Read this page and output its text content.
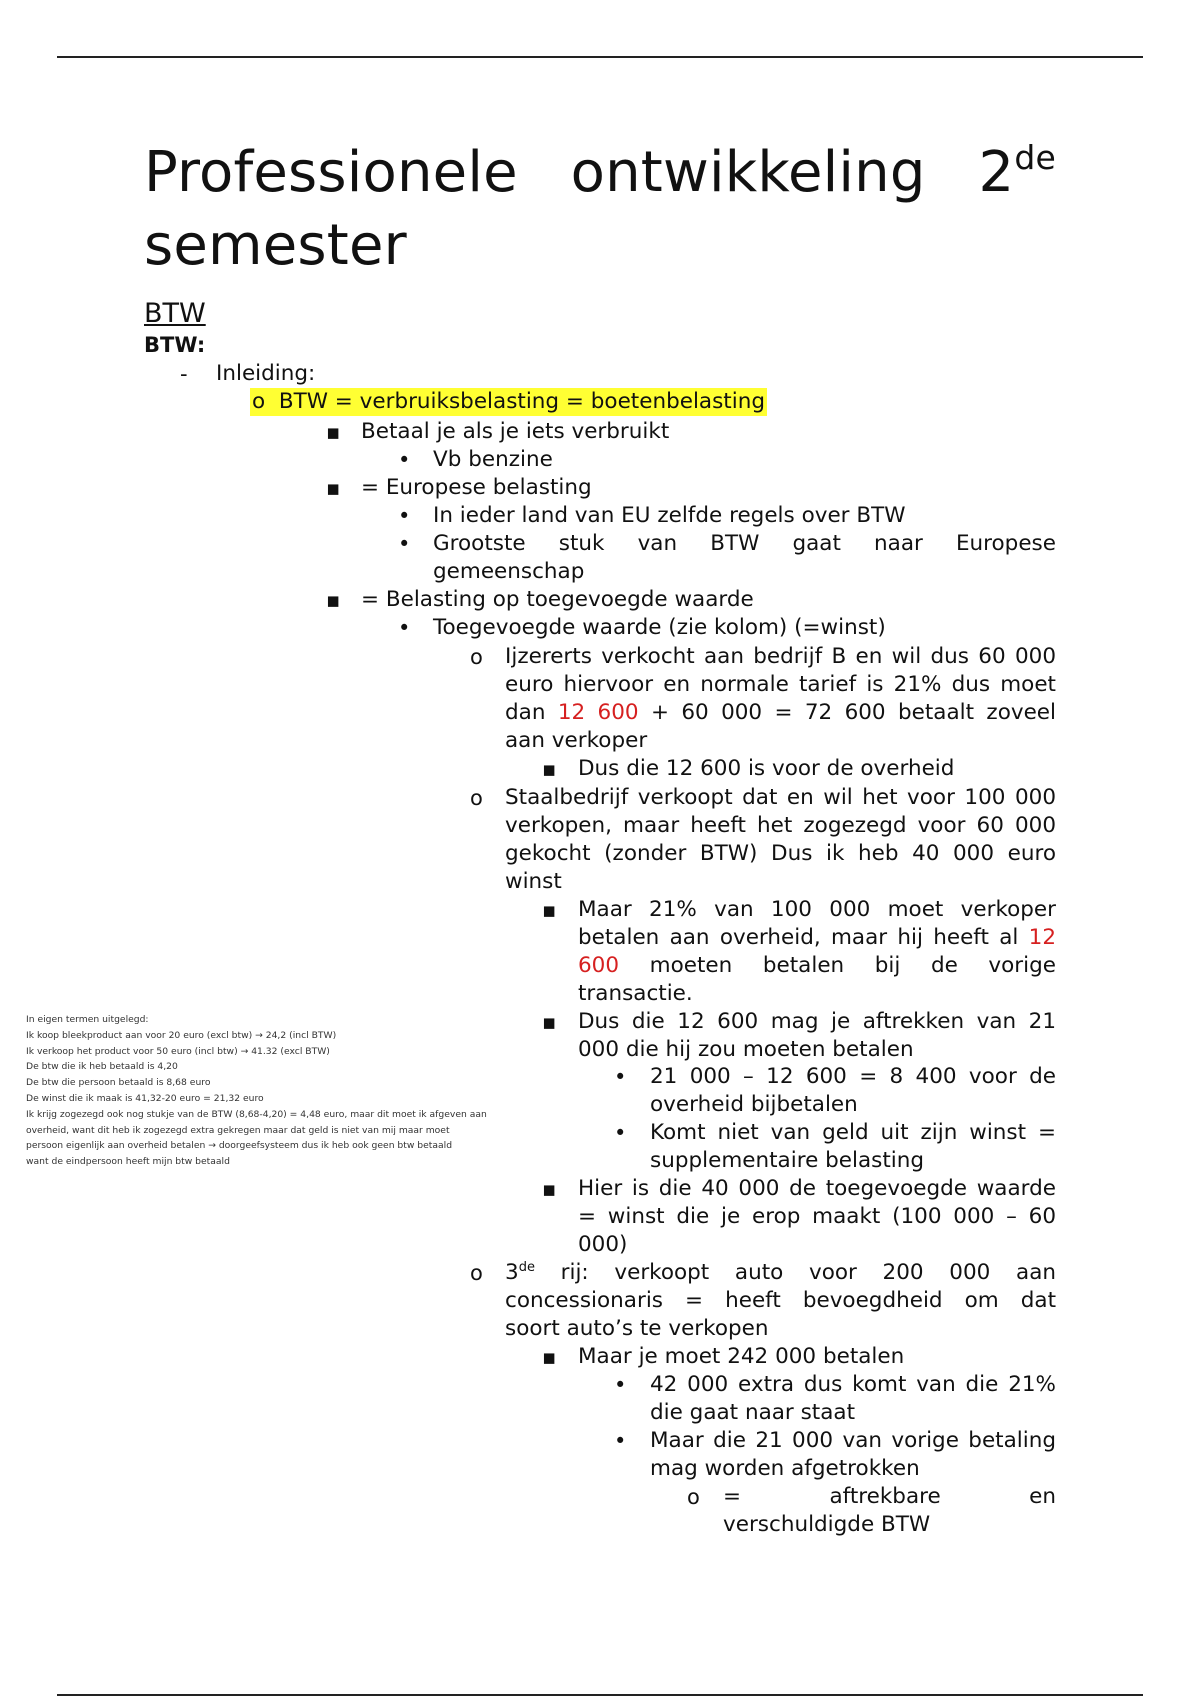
Professionele ontwikkeling 2de
semester
BTW
BTW:
- Inleiding:
o BTW = verbruiksbelasting = boetenbelasting
▪ Betaal je als je iets verbruikt
• Vb benzine
▪ = Europese belasting
• In ieder land van EU zelfde regels over BTW
• Grootste stuk van BTW gaat naar Europese
gemeenschap
▪ = Belasting op toegevoegde waarde
• Toegevoegde waarde (zie kolom) (=winst)
o Ijzererts verkocht aan bedrijf B en wil dus 60 000
euro hiervoor en normale tarief is 21% dus moet
dan 12 600 + 60 000 = 72 600 betaalt zoveel
aan verkoper
▪ Dus die 12 600 is voor de overheid
o Staalbedrijf verkoopt dat en wil het voor 100 000
verkopen, maar heeft het zogezegd voor 60 000
gekocht (zonder BTW) Dus ik heb 40 000 euro
winst
▪ Maar 21% van 100 000 moet verkoper
betalen aan overheid, maar hij heeft al 12
600 moeten betalen bij de vorige
transactie.
▪ Dus die 12 600 mag je aftrekken van 21
000 die hij zou moeten betalen
• 21 000 – 12 600 = 8 400 voor de
overheid bijbetalen
• Komt niet van geld uit zijn winst =
supplementaire belasting
▪ Hier is die 40 000 de toegevoegde waarde
= winst die je erop maakt (100 000 – 60
000)
o 3de rij: verkoopt auto voor 200 000 aan
concessionaris = heeft bevoegdheid om dat
soort auto’s te verkopen
▪ Maar je moet 242 000 betalen
• 42 000 extra dus komt van die 21%
die gaat naar staat
• Maar die 21 000 van vorige betaling
mag worden afgetrokken
o = aftrekbare en
verschuldigde BTW
In eigen termen uitgelegd:
Ik koop bleekproduct aan voor 20 euro (excl btw) → 24,2 (incl BTW)
Ik verkoop het product voor 50 euro (incl btw) → 41.32 (excl BTW)
De btw die ik heb betaald is 4,20
De btw die persoon betaald is 8,68 euro
De winst die ik maak is 41,32-20 euro = 21,32 euro
Ik krijg zogezegd ook nog stukje van de BTW (8,68-4,20) = 4,48 euro, maar dit moet ik afgeven aan
overheid, want dit heb ik zogezegd extra gekregen maar dat geld is niet van mij maar moet
persoon eigenlijk aan overheid betalen → doorgeefsysteem dus ik heb ook geen btw betaald
want de eindpersoon heeft mijn btw betaald
